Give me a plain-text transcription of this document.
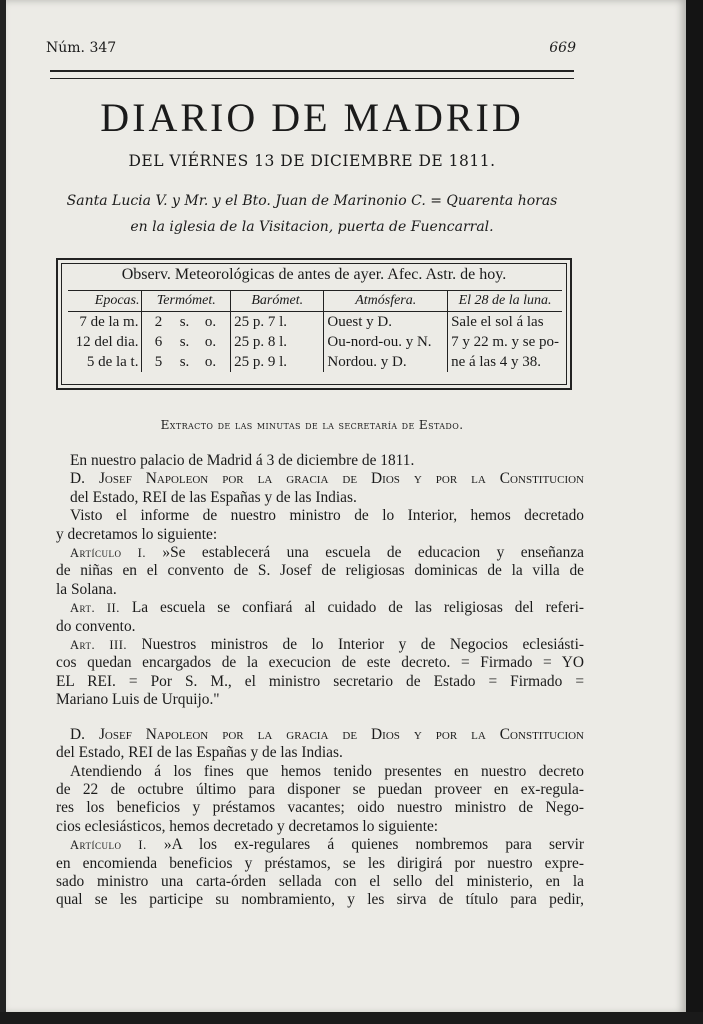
Núm. 347	669
DIARIO DE MADRID
DEL VIÉRNES 13 DE DICIEMBRE DE 1811.
Santa Lucia V. y Mr. y el Bto. Juan de Marinonio C. = Quarenta horas
en la iglesia de la Visitacion, puerta de Fuencarral.
Observ. Meteorológicas de antes de ayer. Afec. Astr. de hoy.
Epocas.	Termómet.	Barómet.	Atmósfera.	El 28 de la luna.
7 de la m.	2 s. o.	25 p. 7 l.	Ouest y D.	Sale el sol á las
12 del dia.	6 s. o.	25 p. 8 l.	Ou-nord-ou. y N.	7 y 22 m. y se po-
5 de la t.	5 s. o.	25 p. 9 l.	Nordou. y D.	ne á las 4 y 38.
Extracto de las minutas de la secretaría de Estado.

En nuestro palacio de Madrid á 3 de diciembre de 1811.

D. Josef Napoleon por la gracia de Dios y por la Constitucion
del Estado, REI de las Españas y de las Indias.

Visto el informe de nuestro ministro de lo Interior, hemos decretado
y decretamos lo siguiente:

Artículo I. »Se establecerá una escuela de educacion y enseñanza
de niñas en el convento de S. Josef de religiosas dominicas de la villa de
la Solana.

Art. II. La escuela se confiará al cuidado de las religiosas del referi-
do convento.

Art. III. Nuestros ministros de lo Interior y de Negocios eclesiásti-
cos quedan encargados de la execucion de este decreto. = Firmado = YO
EL REI. = Por S. M., el ministro secretario de Estado = Firmado =
Mariano Luis de Urquijo."

D. Josef Napoleon por la gracia de Dios y por la Constitucion
del Estado, REI de las Españas y de las Indias.

Atendiendo á los fines que hemos tenido presentes en nuestro decreto
de 22 de octubre último para disponer se puedan proveer en ex-regula-
res los beneficios y préstamos vacantes; oido nuestro ministro de Nego-
cios eclesiásticos, hemos decretado y decretamos lo siguiente:

Artículo I. »A los ex-regulares á quienes nombremos para servir
en encomienda beneficios y préstamos, se les dirigirá por nuestro expre-
sado ministro una carta-órden sellada con el sello del ministerio, en la
qual se les participe su nombramiento, y les sirva de título para pedir,
